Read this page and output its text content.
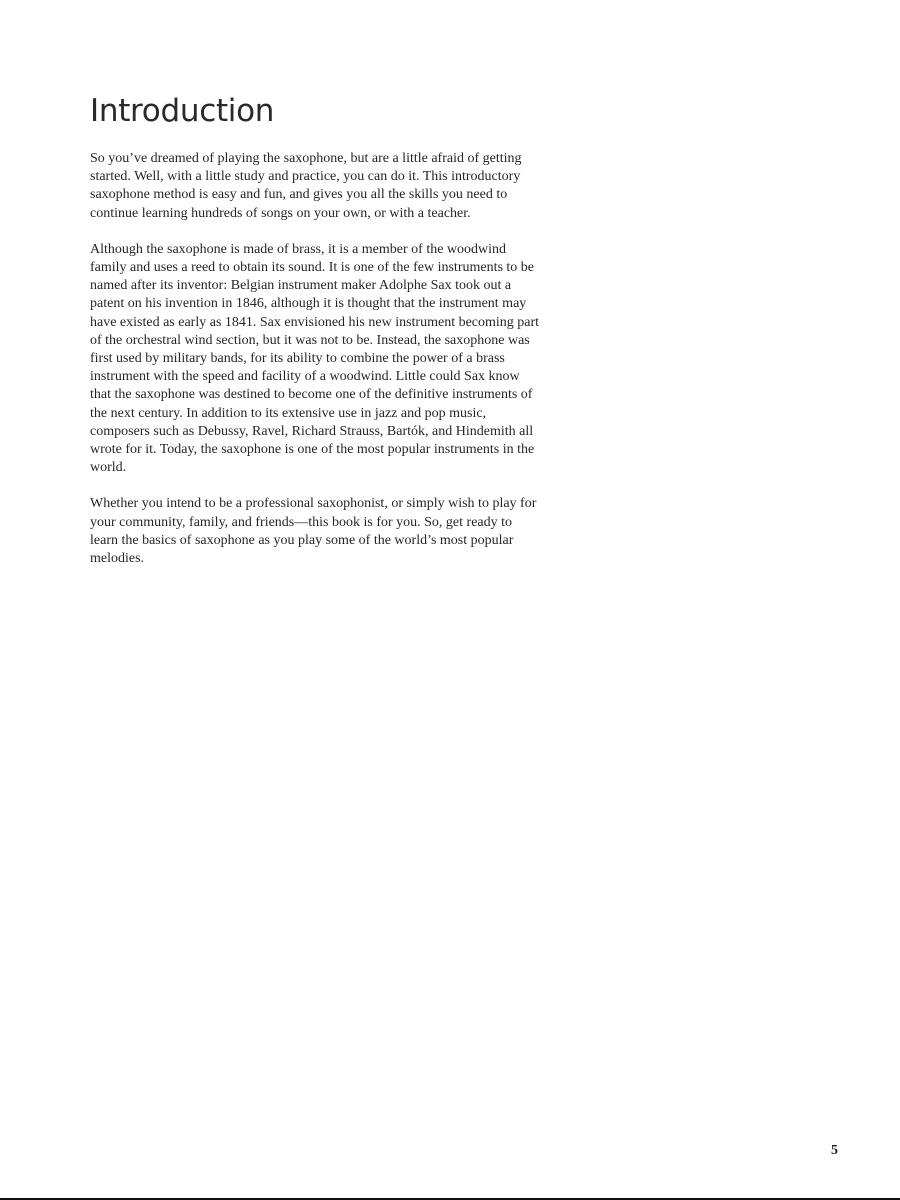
Introduction

So you’ve dreamed of playing the saxophone, but are a little afraid of getting started. Well, with a little study and practice, you can do it. This introductory saxophone method is easy and fun, and gives you all the skills you need to continue learning hundreds of songs on your own, or with a teacher.

Although the saxophone is made of brass, it is a member of the woodwind family and uses a reed to obtain its sound. It is one of the few instruments to be named after its inventor: Belgian instrument maker Adolphe Sax took out a patent on his invention in 1846, although it is thought that the instrument may have existed as early as 1841. Sax envisioned his new instrument becoming part of the orchestral wind section, but it was not to be. Instead, the saxophone was first used by military bands, for its ability to combine the power of a brass instrument with the speed and facility of a woodwind. Little could Sax know that the saxophone was destined to become one of the definitive instruments of the next century. In addition to its extensive use in jazz and pop music, composers such as Debussy, Ravel, Richard Strauss, Bartók, and Hindemith all wrote for it. Today, the saxophone is one of the most popular instruments in the world.

Whether you intend to be a professional saxophonist, or simply wish to play for your community, family, and friends—this book is for you. So, get ready to learn the basics of saxophone as you play some of the world’s most popular melodies.

5
